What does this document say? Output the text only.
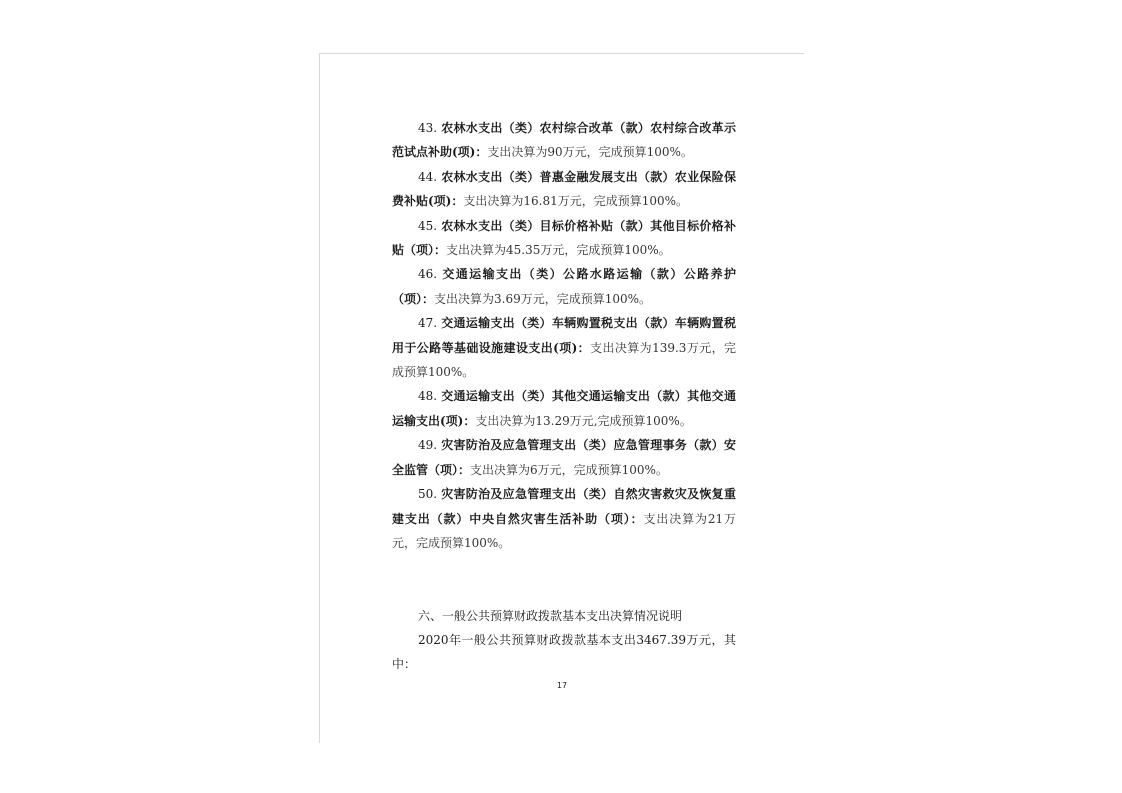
43. 农林水支出（类）农村综合改革（款）农村综合改革示范试点补助(项)：支出决算为90万元，完成预算100%。

44. 农林水支出（类）普惠金融发展支出（款）农业保险保费补贴(项)：支出决算为16.81万元，完成预算100%。

45. 农林水支出（类）目标价格补贴（款）其他目标价格补贴（项）：支出决算为45.35万元，完成预算100%。

46. 交通运输支出（类）公路水路运输（款）公路养护（项）：支出决算为3.69万元，完成预算100%。

47. 交通运输支出（类）车辆购置税支出（款）车辆购置税用于公路等基础设施建设支出(项)：支出决算为139.3万元，完成预算100%。

48. 交通运输支出（类）其他交通运输支出（款）其他交通运输支出(项)：支出决算为13.29万元,完成预算100%。

49. 灾害防治及应急管理支出（类）应急管理事务（款）安全监管（项）：支出决算为6万元，完成预算100%。

50. 灾害防治及应急管理支出（类）自然灾害救灾及恢复重建支出（款）中央自然灾害生活补助（项）：支出决算为21万元，完成预算100%。

六、一般公共预算财政拨款基本支出决算情况说明

2020年一般公共预算财政拨款基本支出3467.39万元，其中：

17
